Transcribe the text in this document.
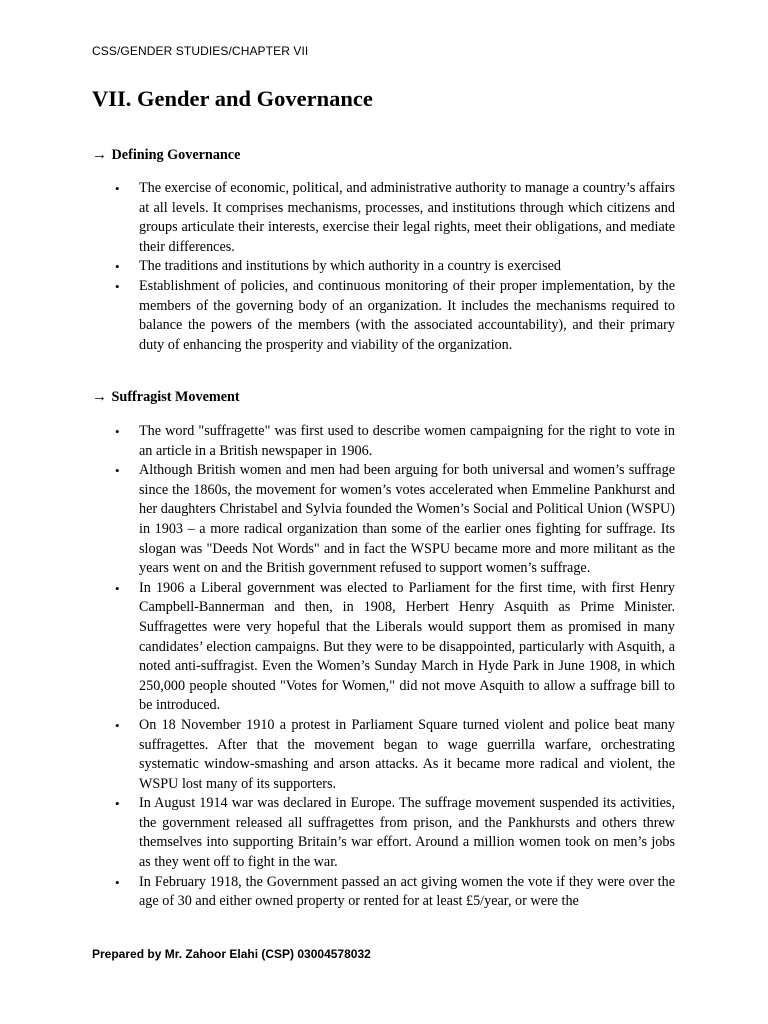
CSS/GENDER STUDIES/CHAPTER VII
VII. Gender and Governance
→ Defining Governance
• The exercise of economic, political, and administrative authority to manage a country’s affairs at all levels. It comprises mechanisms, processes, and institutions through which citizens and groups articulate their interests, exercise their legal rights, meet their obligations, and mediate their differences.
• The traditions and institutions by which authority in a country is exercised
• Establishment of policies, and continuous monitoring of their proper implementation, by the members of the governing body of an organization. It includes the mechanisms required to balance the powers of the members (with the associated accountability), and their primary duty of enhancing the prosperity and viability of the organization.
→ Suffragist Movement
• The word "suffragette" was first used to describe women campaigning for the right to vote in an article in a British newspaper in 1906.
• Although British women and men had been arguing for both universal and women’s suffrage since the 1860s, the movement for women’s votes accelerated when Emmeline Pankhurst and her daughters Christabel and Sylvia founded the Women’s Social and Political Union (WSPU) in 1903 – a more radical organization than some of the earlier ones fighting for suffrage. Its slogan was "Deeds Not Words" and in fact the WSPU became more and more militant as the years went on and the British government refused to support women’s suffrage.
• In 1906 a Liberal government was elected to Parliament for the first time, with first Henry Campbell-Bannerman and then, in 1908, Herbert Henry Asquith as Prime Minister. Suffragettes were very hopeful that the Liberals would support them as promised in many candidates’ election campaigns. But they were to be disappointed, particularly with Asquith, a noted anti-suffragist. Even the Women’s Sunday March in Hyde Park in June 1908, in which 250,000 people shouted "Votes for Women," did not move Asquith to allow a suffrage bill to be introduced.
• On 18 November 1910 a protest in Parliament Square turned violent and police beat many suffragettes. After that the movement began to wage guerrilla warfare, orchestrating systematic window-smashing and arson attacks. As it became more radical and violent, the WSPU lost many of its supporters.
• In August 1914 war was declared in Europe. The suffrage movement suspended its activities, the government released all suffragettes from prison, and the Pankhursts and others threw themselves into supporting Britain’s war effort. Around a million women took on men’s jobs as they went off to fight in the war.
• In February 1918, the Government passed an act giving women the vote if they were over the age of 30 and either owned property or rented for at least £5/year, or were the
Prepared by Mr. Zahoor Elahi (CSP) 03004578032
